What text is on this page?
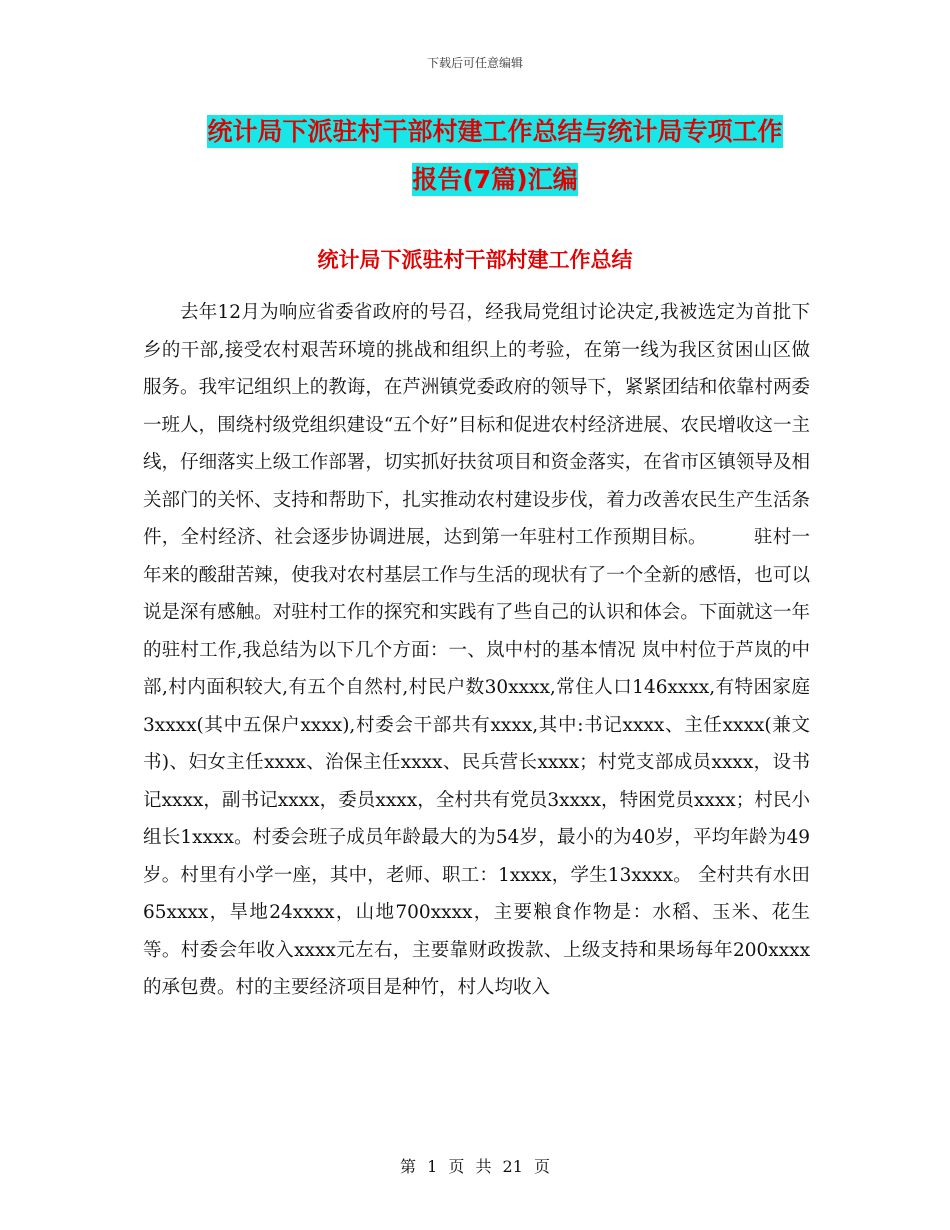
下载后可任意编辑
统计局下派驻村干部村建工作总结与统计局专项工作
报告(7篇)汇编
统计局下派驻村干部村建工作总结

去年12月为响应省委省政府的号召，经我局党组讨论决定,我被选定为首批下乡的干部,接受农村艰苦环境的挑战和组织上的考验，在第一线为我区贫困山区做服务。我牢记组织上的教诲，在芦洲镇党委政府的领导下，紧紧团结和依靠村两委一班人，围绕村级党组织建设“五个好”目标和促进农村经济进展、农民增收这一主线，仔细落实上级工作部署，切实抓好扶贫项目和资金落实，在省市区镇领导及相关部门的关怀、支持和帮助下，扎实推动农村建设步伐，着力改善农民生产生活条件，全村经济、社会逐步协调进展，达到第一年驻村工作预期目标。　　　驻村一年来的酸甜苦辣，使我对农村基层工作与生活的现状有了一个全新的感悟，也可以说是深有感触。对驻村工作的探究和实践有了些自己的认识和体会。下面就这一年的驻村工作,我总结为以下几个方面：一、岚中村的基本情况 岚中村位于芦岚的中部,村内面积较大,有五个自然村,村民户数30xxxx,常住人口146xxxx,有特困家庭3xxxx(其中五保户xxxx),村委会干部共有xxxx,其中:书记xxxx、主任xxxx(兼文书)、妇女主任xxxx、治保主任xxxx、民兵营长xxxx；村党支部成员xxxx，设书记xxxx，副书记xxxx，委员xxxx，全村共有党员3xxxx，特困党员xxxx；村民小组长1xxxx。村委会班子成员年龄最大的为54岁，最小的为40岁，平均年龄为49岁。村里有小学一座，其中，老师、职工：1xxxx，学生13xxxx。 全村共有水田65xxxx，旱地24xxxx，山地700xxxx，主要粮食作物是：水稻、玉米、花生等。村委会年收入xxxx元左右，主要靠财政拨款、上级支持和果场每年200xxxx的承包费。村的主要经济项目是种竹，村人均收入

第 1 页 共 21 页
